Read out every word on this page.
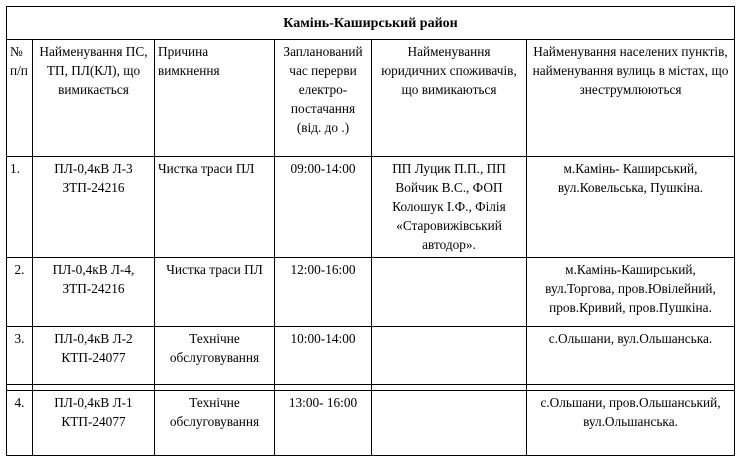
Камінь-Каширський район					
№ п/п	Найменування ПС, ТП, ПЛ(КЛ), що вимикається	Причина вимкнення	Запланований час перерви електро-постачання (від. до .)	Найменування юридичних споживачів, що вимикаються	Найменування населених пунктів, найменування вулиць в містах, що знеструмлюються
1.	ПЛ-0,4кВ Л-3 ЗТП-24216	Чистка траси ПЛ	09:00-14:00	ПП Луцик П.П., ПП Войчик В.С., ФОП Колошук І.Ф., Філія «Старовижівський автодор».	м.Камінь- Каширський, вул.Ковельська, Пушкіна.
2.	ПЛ-0,4кВ Л-4, ЗТП-24216	Чистка траси ПЛ	12:00-16:00		м.Камінь-Каширський, вул.Торгова, пров.Ювілейний, пров.Кривий, пров.Пушкіна.
3.	ПЛ-0,4кВ Л-2 КТП-24077	Технічне обслуговування	10:00-14:00		с.Ольшани, вул.Ольшанська.

4.	ПЛ-0,4кВ Л-1 КТП-24077	Технічне обслуговування	13:00- 16:00		с.Ольшани, пров.Ольшанський, вул.Ольшанська.
